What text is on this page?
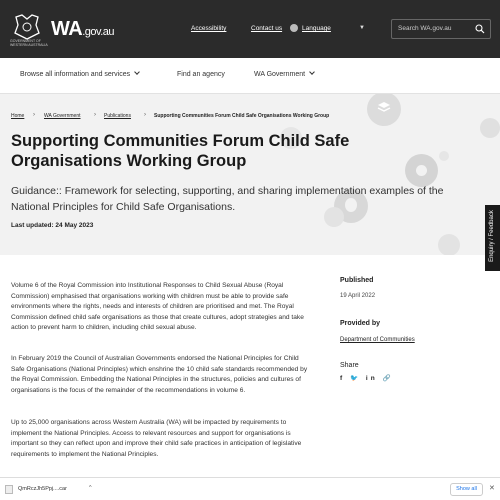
GOVERNMENT OF WESTERN AUSTRALIA
WA.gov.au	Accessibility	Contact us	Language	▼	Search WA.gov.au
Browse all information and services	Find an agency	WA Government
Home › WA Government › Publications › Supporting Communities Forum Child Safe Organisations Working Group
Supporting Communities Forum Child Safe Organisations Working Group

Guidance:: Framework for selecting, supporting, and sharing implementation examples of the National Principles for Child Safe Organisations.

Last updated: 24 May 2023	Enquiry / Feedback

Volume 6 of the Royal Commission into Institutional Responses to Child Sexual Abuse (Royal Commission) emphasised that organisations working with children must be able to provide safe environments where the rights, needs and interests of children are prioritised and met. The Royal Commission defined child safe organisations as those that create cultures, adopt strategies and take action to prevent harm to children, including child sexual abuse.

In February 2019 the Council of Australian Governments endorsed the National Principles for Child Safe Organisations (National Principles) which enshrine the 10 child safe standards recommended by the Royal Commission. Embedding the National Principles in the structures, policies and cultures of organisations is the focus of the remainder of the recommendations in volume 6.

Up to 25,000 organisations across Western Australia (WA) will be impacted by requirements to implement the National Principles. Access to relevant resources and support for organisations is important so they can reflect upon and improve their child safe practices in anticipation of legislative requirements to implement the National Principles.

Published
19 April 2022
Provided by
Department of Communities
Share
f 🐦 in 🔗
QmRczJh5Ppj....car	^	Show all	✕
